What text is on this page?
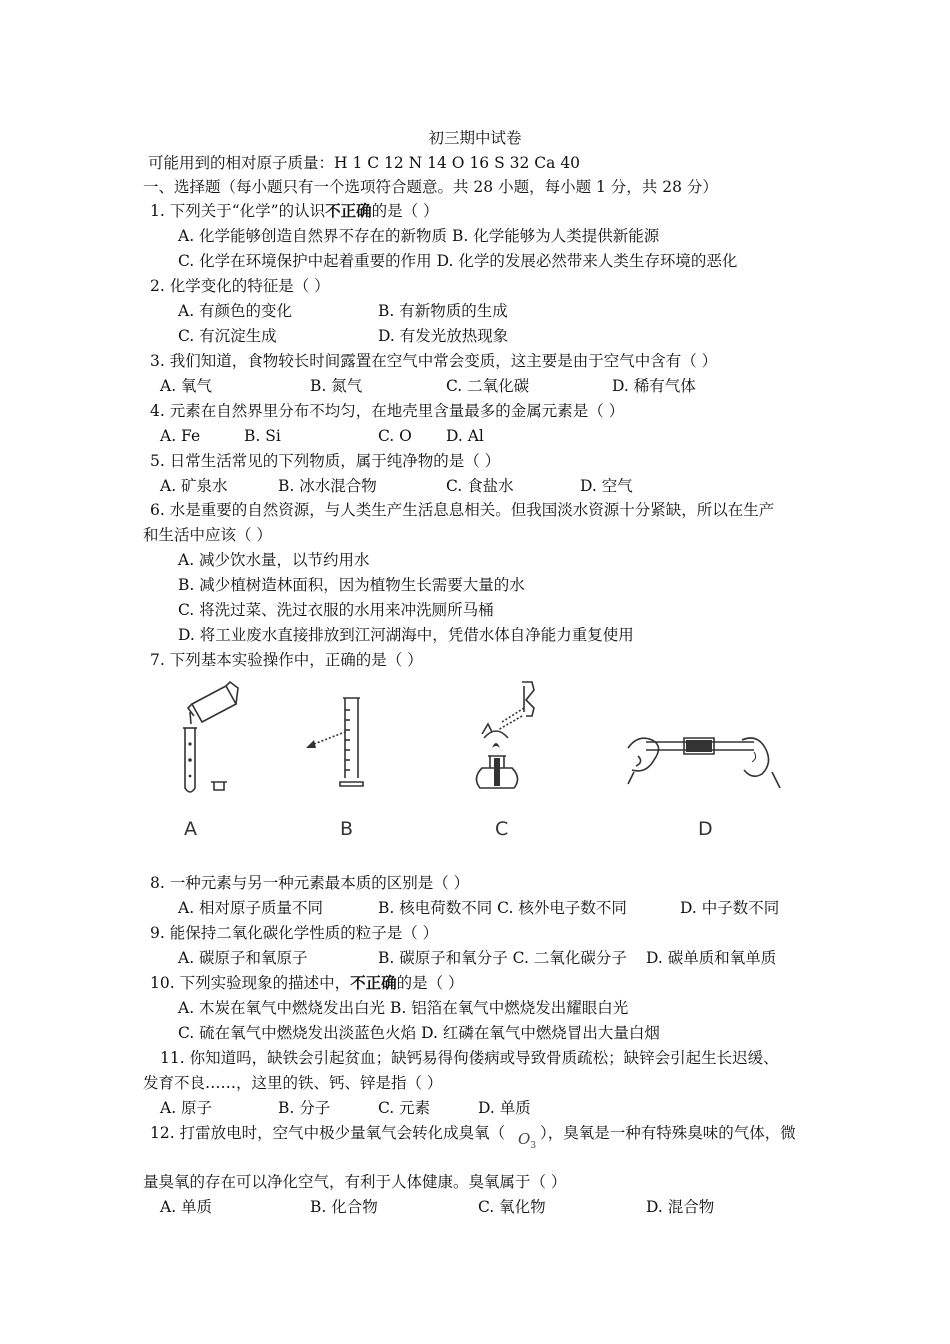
初三期中试卷
可能用到的相对原子质量：H 1 C 12 N 14 O 16 S 32 Ca 40
一、选择题（每小题只有一个选项符合题意。共 28 小题，每小题 1 分，共 28 分）
1. 下列关于“化学”的认识不正确的是（ ）
A. 化学能够创造自然界不存在的新物质 B. 化学能够为人类提供新能源
C. 化学在环境保护中起着重要的作用 D. 化学的发展必然带来人类生存环境的恶化
2. 化学变化的特征是（ ）
A. 有颜色的变化	B. 有新物质的生成
C. 有沉淀生成	D. 有发光放热现象
3. 我们知道，食物较长时间露置在空气中常会变质，这主要是由于空气中含有（ ）
A. 氧气	B. 氮气	C. 二氧化碳	D. 稀有气体
4. 元素在自然界里分布不均匀，在地壳里含量最多的金属元素是（ ）
A. Fe	B. Si	C. O D. Al
5. 日常生活常见的下列物质，属于纯净物的是（ ）
A. 矿泉水	B. 冰水混合物	C. 食盐水	D. 空气
6. 水是重要的自然资源，与人类生产生活息息相关。但我国淡水资源十分紧缺，所以在生产
和生活中应该（ ）
A. 减少饮水量，以节约用水
B. 减少植树造林面积，因为植物生长需要大量的水
C. 将洗过菜、洗过衣服的水用来冲洗厕所马桶
D. 将工业废水直接排放到江河湖海中，凭借水体自净能力重复使用
7. 下列基本实验操作中，正确的是（ ）
A	B	C	D
8. 一种元素与另一种元素最本质的区别是（ ）
A. 相对原子质量不同	B. 核电荷数不同 C. 核外电子数不同	D. 中子数不同
9. 能保持二氧化碳化学性质的粒子是（ ）
A. 碳原子和氧原子	B. 碳原子和氧分子 C. 二氧化碳分子 D. 碳单质和氧单质
10. 下列实验现象的描述中，不正确的是（ ）
A. 木炭在氧气中燃烧发出白光 B. 铝箔在氧气中燃烧发出耀眼白光
C. 硫在氧气中燃烧发出淡蓝色火焰 D. 红磷在氧气中燃烧冒出大量白烟
11. 你知道吗，缺铁会引起贫血；缺钙易得佝偻病或导致骨质疏松；缺锌会引起生长迟缓、
发育不良……，这里的铁、钙、锌是指（ ）
A. 原子	B. 分子	C. 元素	D. 单质
12. 打雷放电时，空气中极少量氧气会转化成臭氧（ $O_3$
），臭氧是一种有特殊臭味的气体，微
量臭氧的存在可以净化空气，有利于人体健康。臭氧属于（ ）
A. 单质	B. 化合物	C. 氧化物	D. 混合物
